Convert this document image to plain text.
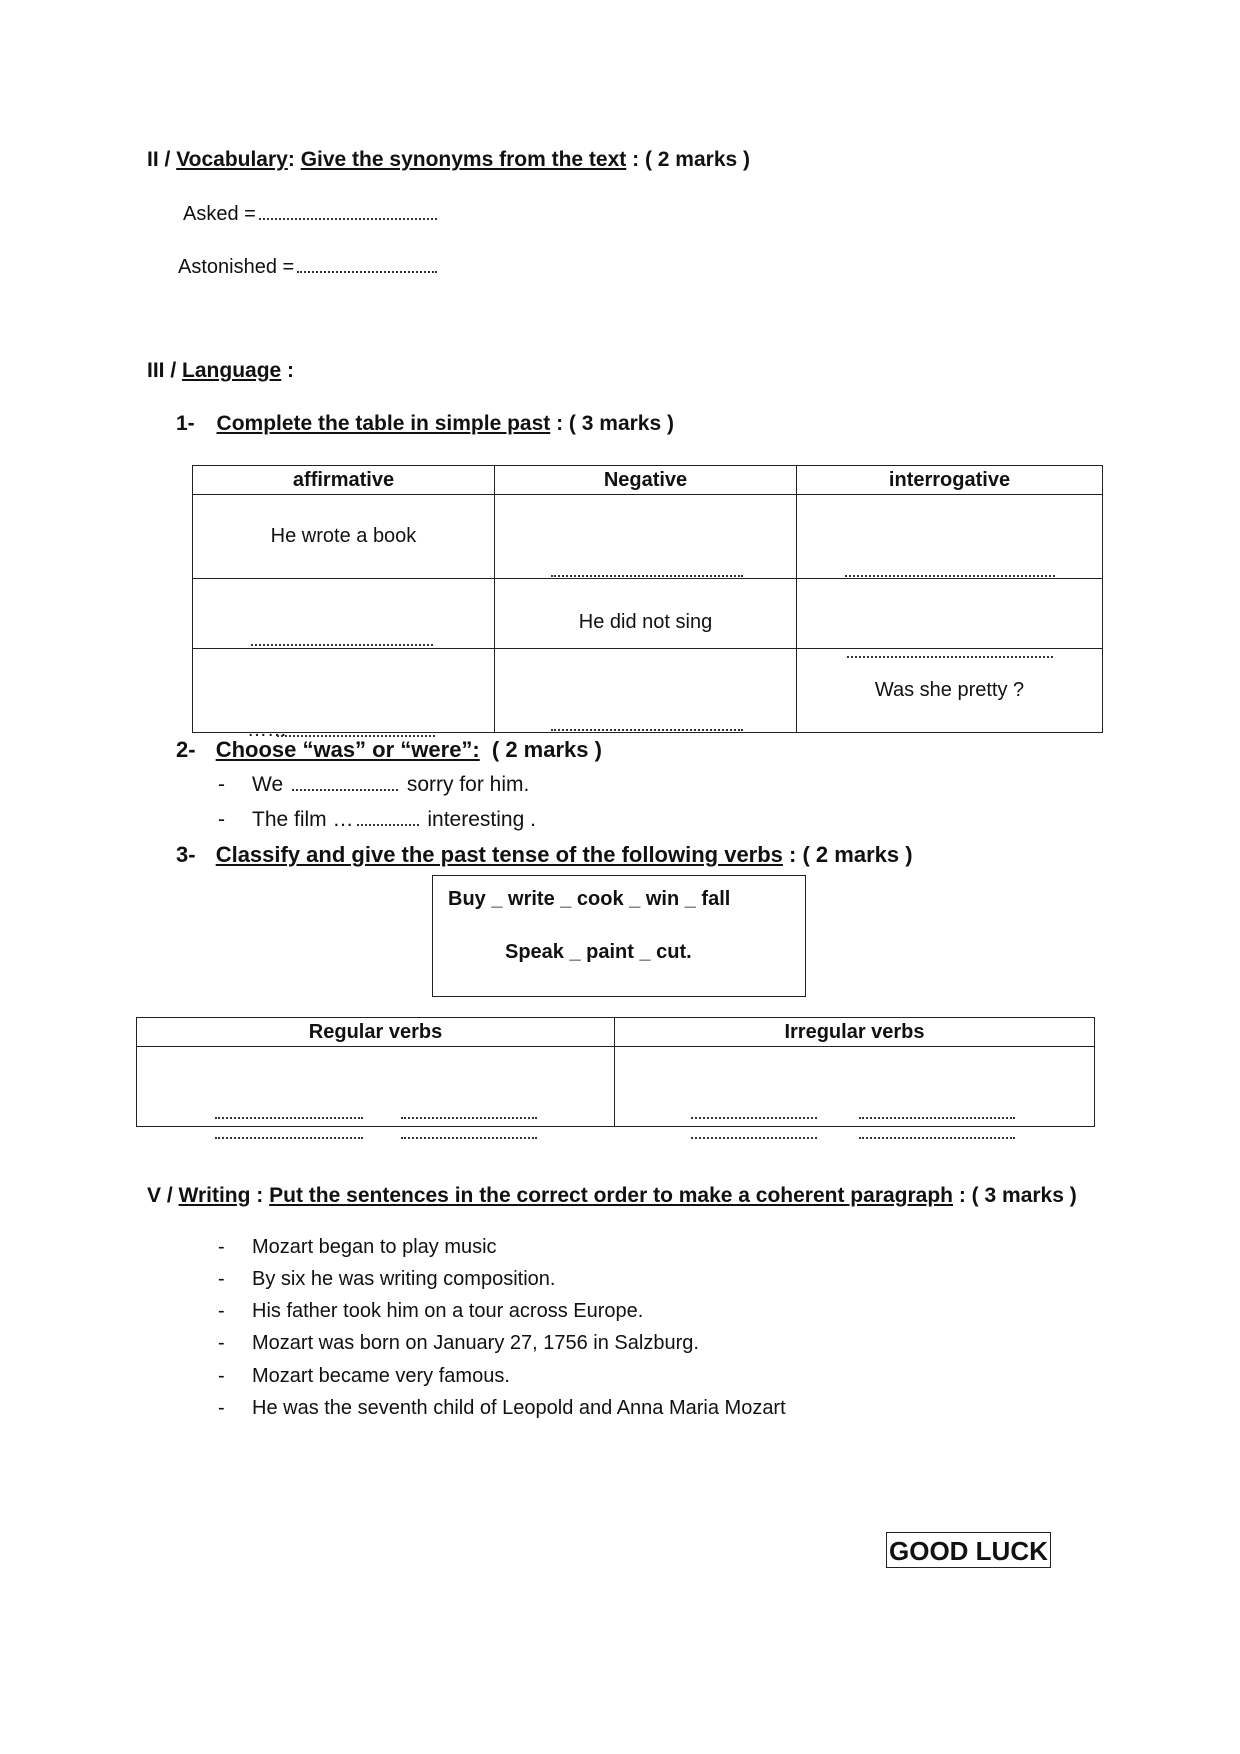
II / Vocabulary: Give the synonyms from the text : ( 2 marks )
Asked =
Astonished =
III / Language :
1- Complete the table in simple past : ( 3 marks )
affirmative	Negative	interrogative
He wrote a book	

	He did not sing	

……		Was she pretty ?
2- Choose “was” or “were”: ( 2 marks )
- We	sorry for him.
- The film …	interesting .
3- Classify and give the past tense of the following verbs : ( 2 marks )
Buy _ write _ cook _ win _ fall
Speak _ paint _ cut.
Regular verbs	Irregular verbs

V / Writing : Put the sentences in the correct order to make a coherent paragraph : ( 3 marks )
- Mozart began to play music
- By six he was writing composition.
- His father took him on a tour across Europe.
- Mozart was born on January 27, 1756 in Salzburg.
- Mozart became very famous.
- He was the seventh child of Leopold and Anna Maria Mozart
GOOD LUCK
